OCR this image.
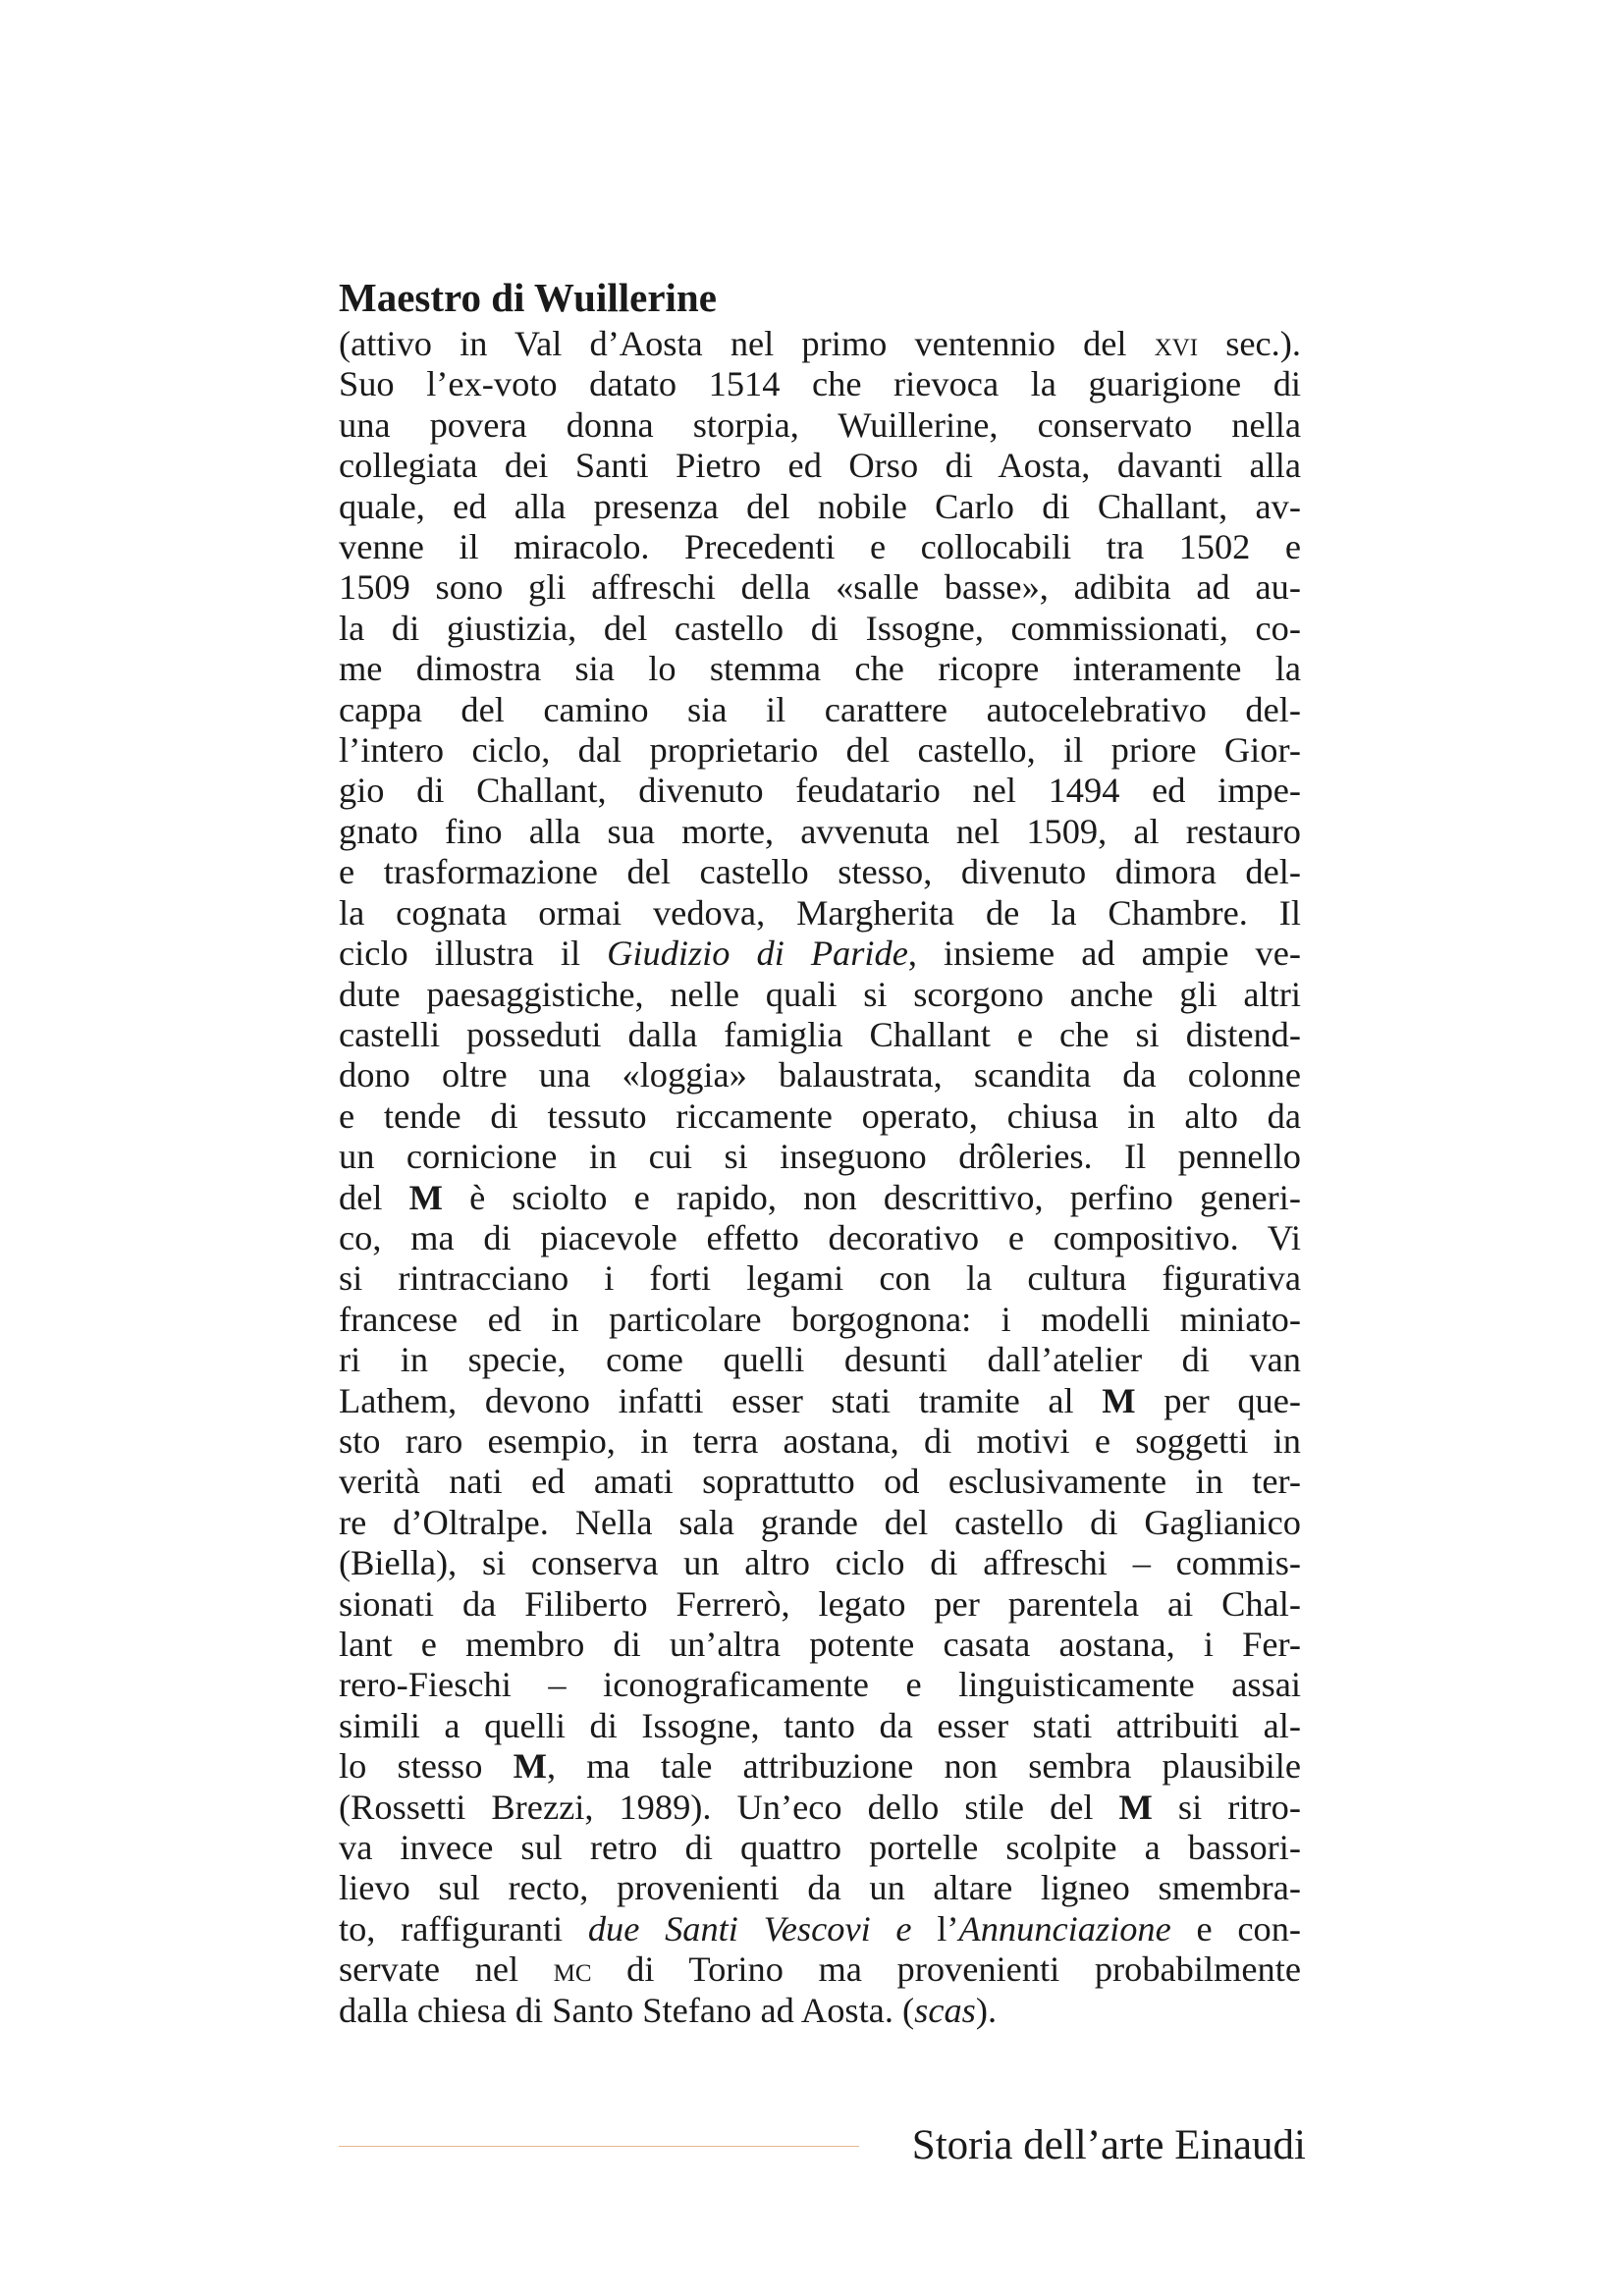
Maestro di Wuillerine
(attivo in Val d’Aosta nel primo ventennio del xvi sec.).
Suo l’ex-voto datato 1514 che rievoca la guarigione di
una povera donna storpia, Wuillerine, conservato nella
collegiata dei Santi Pietro ed Orso di Aosta, davanti alla
quale, ed alla presenza del nobile Carlo di Challant, av-
venne il miracolo. Precedenti e collocabili tra 1502 e
1509 sono gli affreschi della «salle basse», adibita ad au-
la di giustizia, del castello di Issogne, commissionati, co-
me dimostra sia lo stemma che ricopre interamente la
cappa del camino sia il carattere autocelebrativo del-
l’intero ciclo, dal proprietario del castello, il priore Gior-
gio di Challant, divenuto feudatario nel 1494 ed impe-
gnato fino alla sua morte, avvenuta nel 1509, al restauro
e trasformazione del castello stesso, divenuto dimora del-
la cognata ormai vedova, Margherita de la Chambre. Il
ciclo illustra il Giudizio di Paride, insieme ad ampie ve-
dute paesaggistiche, nelle quali si scorgono anche gli altri
castelli posseduti dalla famiglia Challant e che si distend-
dono oltre una «loggia» balaustrata, scandita da colonne
e tende di tessuto riccamente operato, chiusa in alto da
un cornicione in cui si inseguono drôleries. Il pennello
del M è sciolto e rapido, non descrittivo, perfino generi-
co, ma di piacevole effetto decorativo e compositivo. Vi
si rintracciano i forti legami con la cultura figurativa
francese ed in particolare borgognona: i modelli miniato-
ri in specie, come quelli desunti dall’atelier di van
Lathem, devono infatti esser stati tramite al M per que-
sto raro esempio, in terra aostana, di motivi e soggetti in
verità nati ed amati soprattutto od esclusivamente in ter-
re d’Oltralpe. Nella sala grande del castello di Gaglianico
(Biella), si conserva un altro ciclo di affreschi – commis-
sionati da Filiberto Ferrerò, legato per parentela ai Chal-
lant e membro di un’altra potente casata aostana, i Fer-
rero-Fieschi – iconograficamente e linguisticamente assai
simili a quelli di Issogne, tanto da esser stati attribuiti al-
lo stesso M, ma tale attribuzione non sembra plausibile
(Rossetti Brezzi, 1989). Un’eco dello stile del M si ritro-
va invece sul retro di quattro portelle scolpite a bassori-
lievo sul recto, provenienti da un altare ligneo smembra-
to, raffiguranti due Santi Vescovi e l’Annunciazione e con-
servate nel mc di Torino ma provenienti probabilmente
dalla chiesa di Santo Stefano ad Aosta. (scas).
Storia dell’arte Einaudi
